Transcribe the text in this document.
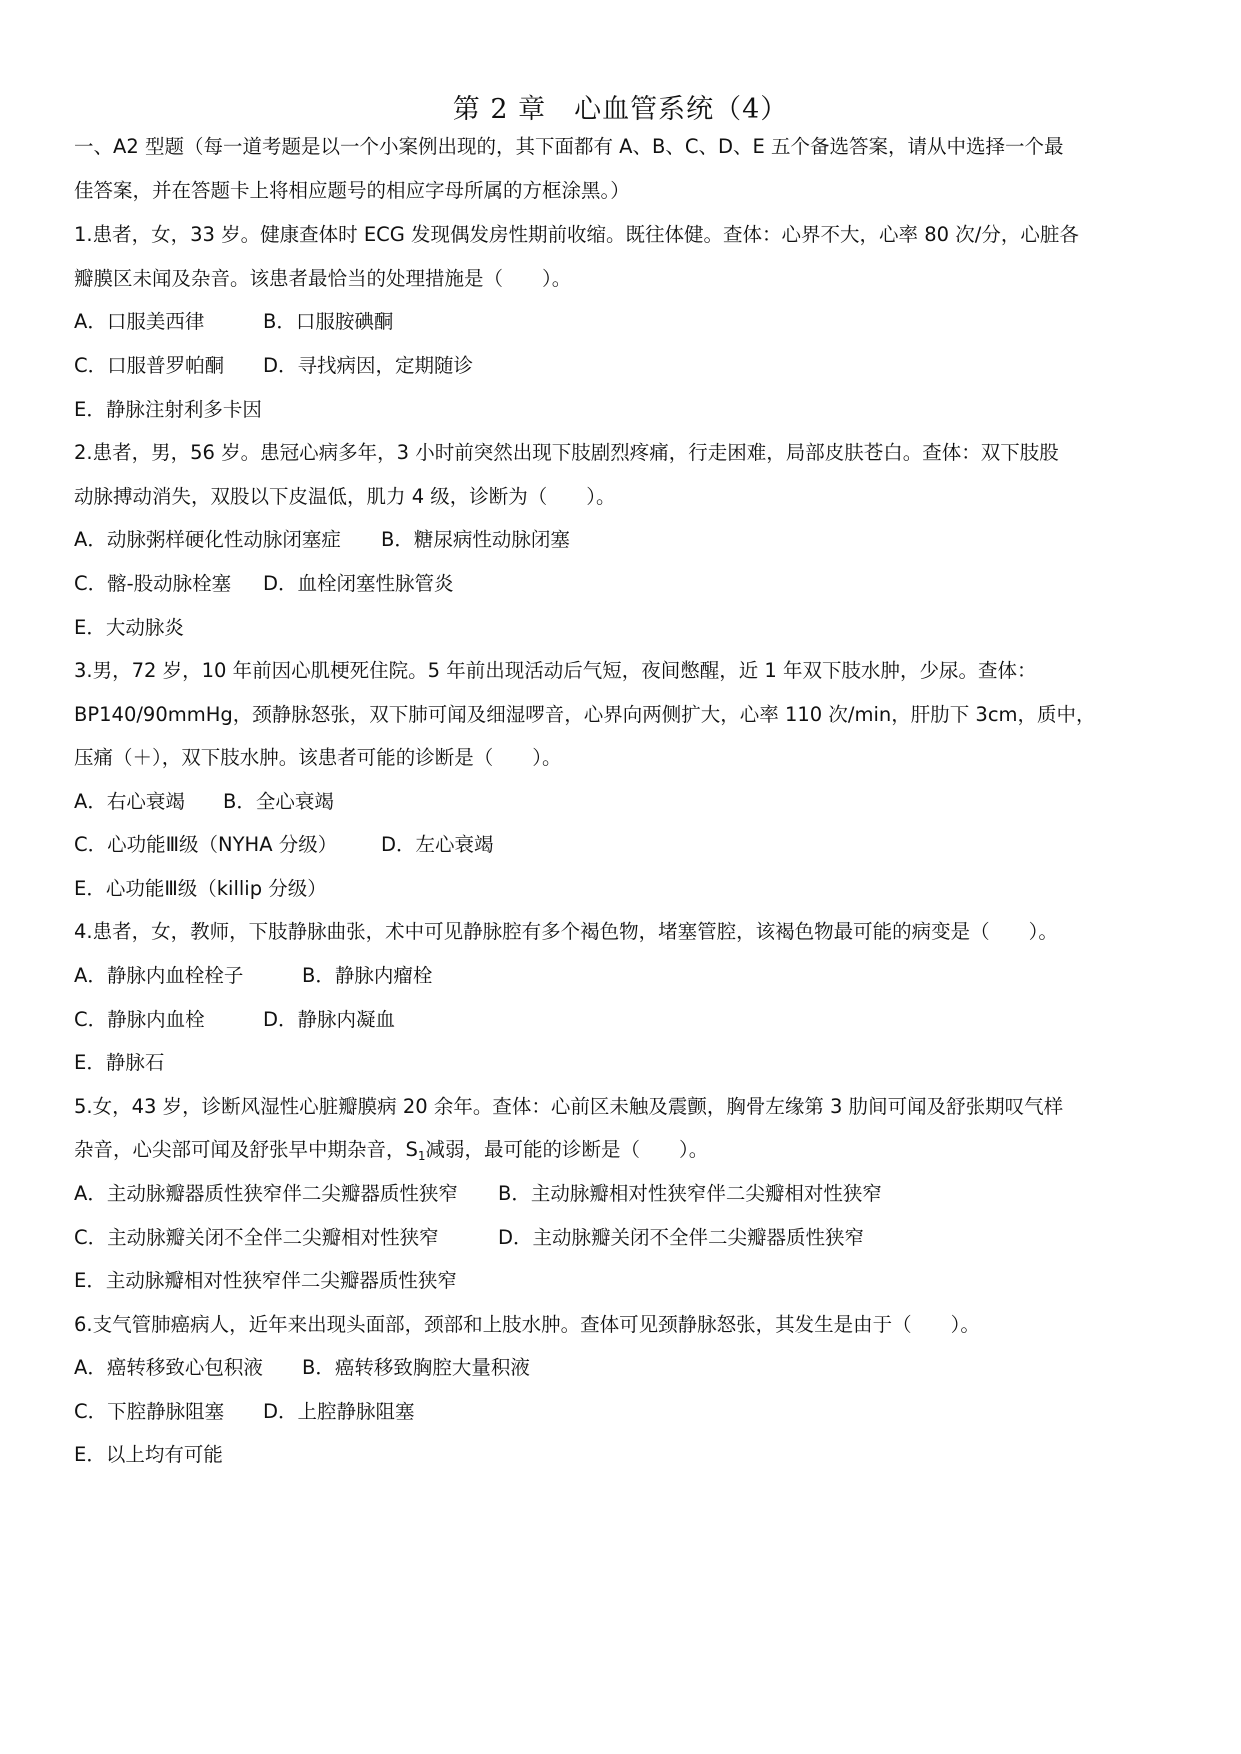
第 2 章　心血管系统（4）
一、A2 型题（每一道考题是以一个小案例出现的，其下面都有 A、B、C、D、E 五个备选答案，请从中选择一个最
佳答案，并在答题卡上将相应题号的相应字母所属的方框涂黑。）
1.患者，女，33 岁。健康查体时 ECG 发现偶发房性期前收缩。既往体健。查体：心界不大，心率 80 次/分，心脏各
瓣膜区未闻及杂音。该患者最恰当的处理措施是（　　）。
A．口服美西律	B．口服胺碘酮
C．口服普罗帕酮 D．寻找病因，定期随诊
E．静脉注射利多卡因
2.患者，男，56 岁。患冠心病多年，3 小时前突然出现下肢剧烈疼痛，行走困难，局部皮肤苍白。查体：双下肢股
动脉搏动消失，双股以下皮温低，肌力 4 级，诊断为（　　）。
A．动脉粥样硬化性动脉闭塞症 B．糖尿病性动脉闭塞
C．髂-股动脉栓塞 D．血栓闭塞性脉管炎
E．大动脉炎
3.男，72 岁，10 年前因心肌梗死住院。5 年前出现活动后气短，夜间憋醒，近 1 年双下肢水肿，少尿。查体：
BP140/90mmHg，颈静脉怒张，双下肺可闻及细湿啰音，心界向两侧扩大，心率 110 次/min，肝肋下 3cm，质中，
压痛（＋），双下肢水肿。该患者可能的诊断是（　　）。
A．右心衰竭 B．全心衰竭
C．心功能Ⅲ级（NYHA 分级） D．左心衰竭
E．心功能Ⅲ级（killip 分级）
4.患者，女，教师，下肢静脉曲张，术中可见静脉腔有多个褐色物，堵塞管腔，该褐色物最可能的病变是（　　）。
A．静脉内血栓栓子	B．静脉内瘤栓
C．静脉内血栓	D．静脉内凝血
E．静脉石
5.女，43 岁，诊断风湿性心脏瓣膜病 20 余年。查体：心前区未触及震颤，胸骨左缘第 3 肋间可闻及舒张期叹气样
杂音，心尖部可闻及舒张早中期杂音，$S_1$减弱，最可能的诊断是（　　）。
A．主动脉瓣器质性狭窄伴二尖瓣器质性狭窄 B．主动脉瓣相对性狭窄伴二尖瓣相对性狭窄
C．主动脉瓣关闭不全伴二尖瓣相对性狭窄	D．主动脉瓣关闭不全伴二尖瓣器质性狭窄
E．主动脉瓣相对性狭窄伴二尖瓣器质性狭窄
6.支气管肺癌病人，近年来出现头面部，颈部和上肢水肿。查体可见颈静脉怒张，其发生是由于（　　）。
A．癌转移致心包积液 B．癌转移致胸腔大量积液
C．下腔静脉阻塞 D．上腔静脉阻塞
E．以上均有可能
